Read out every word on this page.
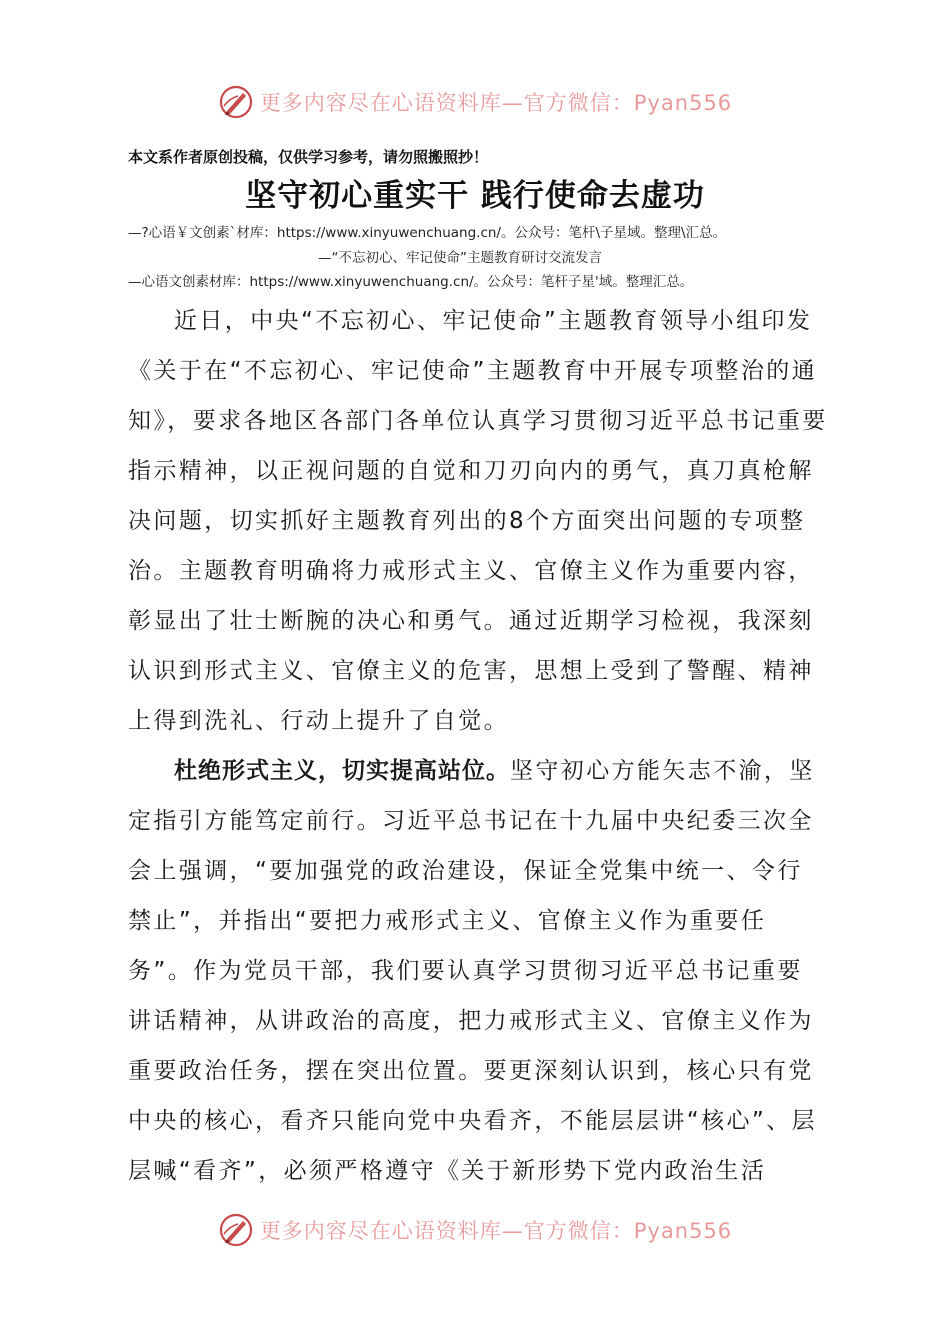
更多内容尽在心语资料库—官方微信：Pyan556
本文系作者原创投稿，仅供学习参考，请勿照搬照抄！
坚守初心重实干 践行使命去虚功
—?心语￥文创素`材库：https://www.xinyuwenchuang.cn/。公众号：笔杆\子星域。整理\汇总。
—“不忘初心、牢记使命”主题教育研讨交流发言
—心语文创素材库：https://www.xinyuwenchuang.cn/。公众号：笔杆子星'域。整理汇总。

近日，中央“不忘初心、牢记使命”主题教育领导小组印发《关于在“不忘初心、牢记使命”主题教育中开展专项整治的通知》，要求各地区各部门各单位认真学习贯彻习近平总书记重要指示精神，以正视问题的自觉和刀刃向内的勇气，真刀真枪解决问题，切实抓好主题教育列出的8个方面突出问题的专项整治。主题教育明确将力戒形式主义、官僚主义作为重要内容，彰显出了壮士断腕的决心和勇气。通过近期学习检视，我深刻认识到形式主义、官僚主义的危害，思想上受到了警醒、精神上得到洗礼、行动上提升了自觉。

杜绝形式主义，切实提高站位。坚守初心方能矢志不渝，坚定指引方能笃定前行。习近平总书记在十九届中央纪委三次全会上强调，“要加强党的政治建设，保证全党集中统一、令行禁止”，并指出“要把力戒形式主义、官僚主义作为重要任务”。作为党员干部，我们要认真学习贯彻习近平总书记重要讲话精神，从讲政治的高度，把力戒形式主义、官僚主义作为重要政治任务，摆在突出位置。要更深刻认识到，核心只有党中央的核心，看齐只能向党中央看齐，不能层层讲“核心”、层层喊“看齐”，必须严格遵守《关于新形势下党内政治生活

更多内容尽在心语资料库—官方微信：Pyan556
